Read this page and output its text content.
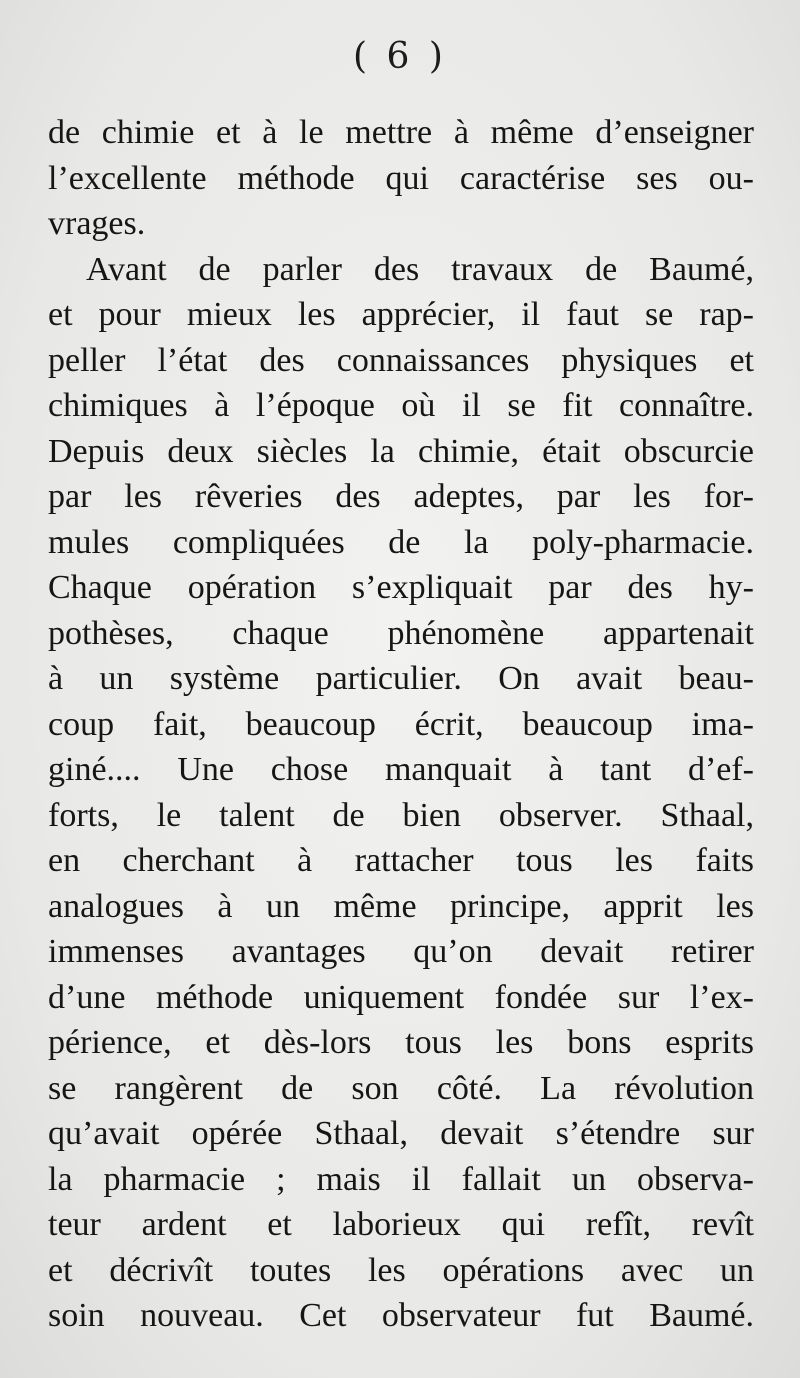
( 6 )
de chimie et à le mettre à même d’enseigner
l’excellente méthode qui caractérise ses ou-
vrages.
Avant de parler des travaux de Baumé,
et pour mieux les apprécier, il faut se rap-
peller l’état des connaissances physiques et
chimiques à l’époque où il se fit connaître.
Depuis deux siècles la chimie, était obscurcie
par les rêveries des adeptes, par les for-
mules compliquées de la poly-pharmacie.
Chaque opération s’expliquait par des hy-
pothèses, chaque phénomène appartenait
à un système particulier. On avait beau-
coup fait, beaucoup écrit, beaucoup ima-
giné.... Une chose manquait à tant d’ef-
forts, le talent de bien observer. Sthaal,
en cherchant à rattacher tous les faits
analogues à un même principe, apprit les
immenses avantages qu’on devait retirer
d’une méthode uniquement fondée sur l’ex-
périence, et dès-lors tous les bons esprits
se rangèrent de son côté. La révolution
qu’avait opérée Sthaal, devait s’étendre sur
la pharmacie ; mais il fallait un observa-
teur ardent et laborieux qui refît, revît
et décrivît toutes les opérations avec un
soin nouveau. Cet observateur fut Baumé.
